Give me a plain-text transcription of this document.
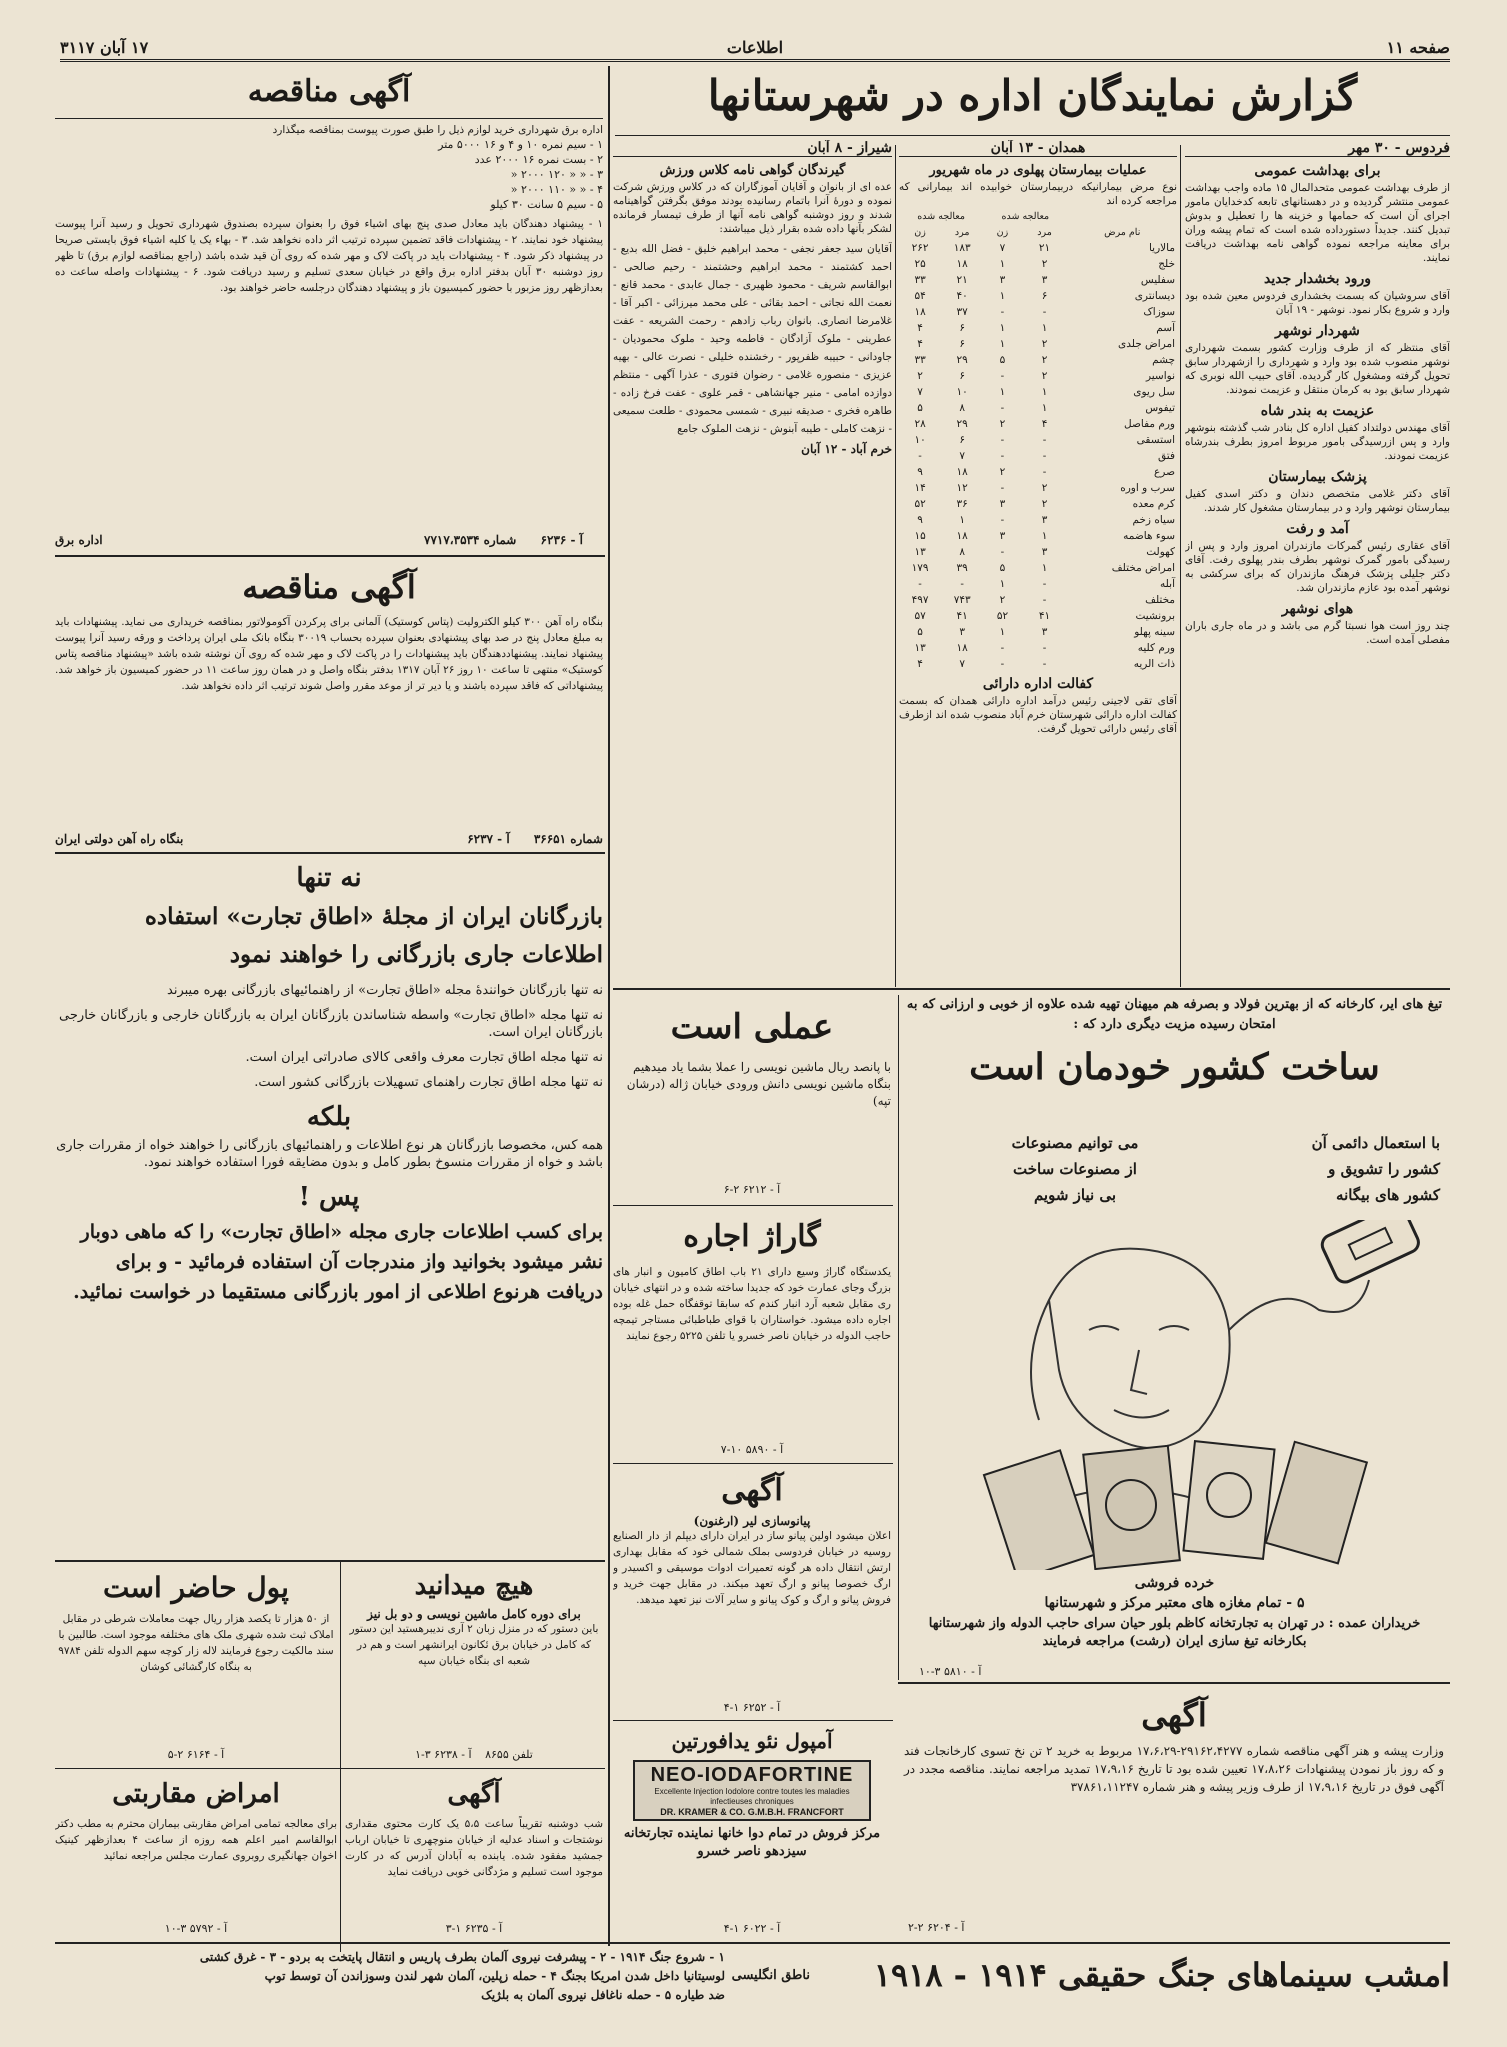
صفحه ۱۱
اطلاعات
۱۷ آبان ۳۱۱۷
گزارش نمایندگان اداره در شهرستانها
فردوس - ۳۰ مهر
برای بهداشت عمومی

از طرف بهداشت عمومی متحدالمال ۱۵ ماده واجب بهداشت عمومی منتشر گردیده و در دهستانهای تابعه کدخدایان مامور اجرای آن است که حمامها و خزینه ها را تعطیل و بدوش تبدیل کنند. جدیداً دستورداده شده است که تمام پیشه وران برای معاینه مراجعه نموده گواهی نامه بهداشت دریافت نمایند.

ورود بخشدار جدید

آقای سروشیان که بسمت بخشداری فردوس معین شده بود وارد و شروع بکار نمود. نوشهر - ۱۹ آبان

شهردار نوشهر

آقای منتظر که از طرف وزارت کشور بسمت شهرداری نوشهر منصوب شده بود وارد و شهرداری را ازشهردار سابق تحویل گرفته ومشغول کار گردیده. آقای حبیب الله نوبری که شهردار سابق بود به کرمان منتقل و عزیمت نمودند.

عزیمت به بندر شاه

آقای مهندس دولتداد کفیل اداره کل بنادر شب گذشته بنوشهر وارد و پس ازرسیدگی بامور مربوط امروز بطرف بندرشاه عزیمت نمودند.

پزشک بیمارستان

آقای دکتر غلامی متخصص دندان و دکتر اسدی کفیل بیمارستان نوشهر وارد و در بیمارستان مشغول کار شدند.

آمد و رفت

آقای عقاری رئیس گمرکات مازندران امروز وارد و پس از رسیدگی بامور گمرک نوشهر بطرف بندر پهلوی رفت. آقای دکتر جلیلی پزشک فرهنگ مازندران که برای سرکشی به نوشهر آمده بود عازم مازندران شد.

هوای نوشهر

چند روز است هوا نسبتا گرم می باشد و در ماه جاری باران مفصلی آمده است.

همدان - ۱۳ آبان
عملیات بیمارستان پهلوی در ماه شهریور

نوع مرض بیمارانیکه دربیمارستان خوابیده اند بیمارانی که مراجعه کرده اند

	معالجه شده		معالجه شده	
نام مرض	مرد	زن	مرد	زن
مالاریا	۲۱	۷	۱۸۳	۲۶۲
خلج	۲	۱	۱۸	۲۵
سفلیس	۳	۳	۲۱	۳۳
دیسانتری	۶	۱	۴۰	۵۴
سوزاک	-	-	۳۷	۱۸
آسم	۱	۱	۶	۴
امراض جلدی	۲	۱	۶	۴
چشم	۲	۵	۲۹	۳۳
نواسیر	۲	-	۶	۲
سل ریوی	۱	۱	۱۰	۷
تیفوس	۱	-	۸	۵
ورم مفاصل	۴	۲	۲۹	۲۸
استسقی	-	-	۶	۱۰
فتق	-	-	۷	-
صرع	-	۲	۱۸	۹
سرب و اوره	۲	-	۱۲	۱۴
کرم معده	۲	۳	۳۶	۵۲
سیاه زخم	۳	-	۱	۹
سوء هاضمه	۱	۳	۱۸	۱۵
کهولت	۳	-	۸	۱۳
امراض مختلف	۱	۵	۳۹	۱۷۹
آبله	-	۱	-	-
مختلف	-	۲	۷۴۳	۴۹۷
برونشیت	۴۱	۵۲	۴۱	۵۷
سینه پهلو	۳	۱	۳	۵
ورم کلیه	-	-	۱۸	۱۳
ذات الریه	-	-	۷	۴
کفالت اداره دارائی

آقای تقی لاجینی رئیس درآمد اداره دارائی همدان که بسمت کفالت اداره دارائی شهرستان خرم آباد منصوب شده اند ازطرف آقای رئیس دارائی تحویل گرفت.

شیراز - ۸ آبان
گیرندگان گواهی نامه کلاس ورزش

عده ای از بانوان و آقایان آموزگاران که در کلاس ورزش شرکت نموده و دورهٔ آنرا باتمام رسانیده بودند موفق بگرفتن گواهینامه شدند و روز دوشنبه گواهی نامه آنها از طرف تیمسار فرمانده لشکر بآنها داده شده بقرار ذیل میباشند:

آقایان سید جعفر نجفی - محمد ابراهیم خلیق - فضل الله بدیع - احمد کشتمند - محمد ابراهیم وحشتمند - رحیم صالحی - ابوالقاسم شریف - محمود ظهیری - جمال عابدی - محمد قانع - نعمت الله نجاتی - احمد بقائی - علی محمد میرزائی - اکبر آقا - غلامرضا انصاری. بانوان رباب زادهم - رحمت الشریعه - عفت عطرینی - ملوک آزادگان - فاطمه وحید - ملوک محمودیان - جاودانی - حبیبه ظفرپور - رخشنده خلیلی - نصرت عالی - بهیه عزیزی - منصوره غلامی - رضوان فتوری - عذرا آگهی - منتظم دوازده امامی - منیر جهانشاهی - قمر علوی - عفت فرخ زاده - طاهره فخری - صدیقه نبیری - شمسی محمودی - طلعت سمیعی - نزهت کاملی - طیبه آبنوش - نزهت الملوک جامع

خرم آباد - ۱۲ آبان
آگهی مناقصه

اداره برق شهرداری خرید لوازم ذیل را طبق صورت پیوست بمناقصه میگذارد

۱ - سیم نمره ۱۰ و ۴ و ۱۶ ۵۰۰۰ متر
۲ - بست نمره ۱۶ ۲۰۰۰ عدد
۳ - « « ۱۲۰ ۲۰۰۰ «
۴ - « « ۱۱۰ ۲۰۰۰ «
۵ - سیم ۵ سانت ۳۰ کیلو

۱ - پیشنهاد دهندگان باید معادل صدی پنج بهای اشیاء فوق را بعنوان سپرده بصندوق شهرداری تحویل و رسید آنرا پیوست پیشنهاد خود نمایند. ۲ - پیشنهادات فاقد تضمین سپرده ترتیب اثر داده نخواهد شد. ۳ - بهاء یک یا کلیه اشیاء فوق بایستی صریحا در پیشنهاد ذکر شود. ۴ - پیشنهادات باید در پاکت لاک و مهر شده که روی آن قید شده باشد (راجع بمناقصه لوازم برق) تا ظهر روز دوشنبه ۳۰ آبان بدفتر اداره برق واقع در خیابان سعدی تسلیم و رسید دریافت شود. ۶ - پیشنهادات واصله ساعت ده بعدازظهر روز مزبور با حضور کمیسیون باز و پیشنهاد دهندگان درجلسه حاضر خواهند بود.

اداره برق	آ - ۶۲۳۶ شماره ۷۷۱۷،۳۵۳۴
آگهی مناقصه

بنگاه راه آهن ۳۰۰ کیلو الکترولیت (پتاس کوستیک) آلمانی برای پرکردن آکومولاتور بمناقصه خریداری می نماید. پیشنهادات باید به مبلغ معادل پنج در صد بهای پیشنهادی بعنوان سپرده بحساب ۳۰۰۱۹ بنگاه بانک ملی ایران پرداخت و ورقه رسید آنرا پیوست پیشنهاد نمایند. پیشنهاددهندگان باید پیشنهادات را در پاکت لاک و مهر شده که روی آن نوشته شده باشد «پیشنهاد مناقصه پتاس کوستیک» منتهی تا ساعت ۱۰ روز ۲۶ آبان ۱۳۱۷ بدفتر بنگاه واصل و در همان روز ساعت ۱۱ در حضور کمیسیون باز خواهد شد. پیشنهاداتی که فاقد سپرده باشند و یا دیر تر از موعد مقرر واصل شوند ترتیب اثر داده نخواهد شد.

بنگاه راه آهن دولتی ایران	شماره ۳۶۶۵۱ آ - ۶۲۳۷
نه تنها
بازرگانان ایران از مجلهٔ «اطاق تجارت» استفاده
اطلاعات جاری بازرگانی را خواهند نمود

نه تنها بازرگانان خوانندهٔ مجله «اطاق تجارت» از راهنمائیهای بازرگانی بهره میبرند

نه تنها مجله «اطاق تجارت» واسطه شناساندن بازرگانان ایران به بازرگانان خارجی و بازرگانان خارجی بازرگانان ایران است.

نه تنها مجله اطاق تجارت معرف واقعی کالای صادراتی ایران است.

نه تنها مجله اطاق تجارت راهنمای تسهیلات بازرگانی کشور است.

بلکه

همه کس، مخصوصا بازرگانان هر نوع اطلاعات و راهنمائیهای بازرگانی را خواهند خواه از مقررات جاری باشد و خواه از مقررات منسوخ بطور کامل و بدون مضایقه فورا استفاده خواهند نمود.

پس !

برای کسب اطلاعات جاری مجله «اطاق تجارت» را که ماهی دوبار نشر میشود بخوانید واز مندرجات آن استفاده فرمائید - و برای دریافت هرنوع اطلاعی از امور بازرگانی مستقیما در خواست نمائید.

پول حاضر است

از ۵۰ هزار تا یکصد هزار ریال جهت معاملات شرطی در مقابل املاک ثبت شده شهری ملک های مختلفه موجود است. طالبین با سند مالکیت رجوع فرمایند لاله زار کوچه سهم الدوله تلفن ۹۷۸۴ به بنگاه کارگشائی کوشان

آ - ۶۱۶۴ ۲-۵
هیچ میدانید
برای دوره کامل ماشین نویسی و دو بل نیز

باین دستور که در منزل زبان ۲ آری ندیبرهستید این دستور که کامل در خیابان برق ئکانون ایرانشهر است و هم در شعبه ای بنگاه خیابان سپه

تلفن ۸۶۵۵ آ - ۶۲۳۸ ۳-۱
امراض مقاربتی

برای معالجه تمامی امراض مقاربتی بیماران محترم به مطب دکتر ابوالقاسم امیر اعلم همه روزه از ساعت ۴ بعدازظهر کینیک اخوان جهانگیری روبروی عمارت مجلس مراجعه نمائید

آ - ۵۷۹۲ ۳-۱۰
آگهی

شب دوشنبه تقریباً ساعت ۵،۵ یک کارت محتوی مقداری نوشتجات و اسناد عدلیه از خیابان منوچهری تا خیابان ارباب جمشید مفقود شده. یابنده به آبادان آدرس که در کارت موجود است تسلیم و مژدگانی خوبی دریافت نماید

آ - ۶۲۳۵ ۱-۳
عملی است

با پانصد ریال ماشین نویسی را عملا بشما یاد میدهیم بنگاه ماشین نویسی دانش ورودی خیابان ژاله (درشان تپه)

آ - ۶۲۱۲ ۲-۶
گاراژ اجاره

یکدستگاه گاراژ وسیع دارای ۲۱ باب اطاق کامیون و انبار های بزرگ وجای عمارت خود که جدیدا ساخته شده و در انتهای خیابان ری مقابل شعبه آرد انبار کندم که سابقا توقفگاه حمل غله بوده اجاره داده میشود. خواستاران با قوای طباطبائی مستاجر تیمچه حاجب الدوله در خیابان ناصر خسرو یا تلفن ۵۲۲۵ رجوع نمایند

آ - ۵۸۹۰ ۱۰-۷
آگهی
پیانوسازی لیر (ارغنون)

اعلان میشود اولین پیانو ساز در ایران دارای دیپلم از دار الصنایع روسیه در خیابان فردوسی بملک شمالی خود که مقابل بهداری ارتش انتقال داده هر گونه تعمیرات ادوات موسیقی و اکسیدر و ارگ خصوصا پیانو و ارگ تعهد میکند. در مقابل جهت خرید و فروش پیانو و ارگ و کوک پیانو و سایر آلات نیز تعهد میدهد.

آ - ۶۲۵۲ ۱-۴
آمپول نئو یدافورتین
NEO-IODAFORTINE
Excellente Injection Iodolore contre toutes les maladies infectieuses chroniques
DR. KRAMER & CO. G.M.B.H. FRANCFORT

مرکز فروش در تمام دوا خانها نماینده تجارتخانه سیزدهو ناصر خسرو

آ - ۶۰۲۲ ۱-۴

تیغ های ایر، کارخانه که از بهترین فولاد و بصرفه هم میهنان تهیه شده علاوه از خوبی و ارزانی که به امتحان رسیده مزیت دیگری دارد که :

ساخت کشور خودمان است
با استعمال دائمی آن
کشور را تشویق و
کشور های بیگانه
می توانیم مصنوعات
از مصنوعات ساخت
بی نیاز شویم
خرده فروشی
۵ - تمام مغازه های معتبر مرکز و شهرستانها

خریداران عمده : در تهران به تجارتخانه کاظم بلور حیان سرای حاجب الدوله واز شهرستانها بکارخانه تیغ سازی ایران (رشت) مراجعه فرمایند

آ - ۵۸۱۰ ۳-۱۰
آگهی

وزارت پیشه و هنر آگهی مناقصه شماره ۲۹۱۶۲،۴۲۷۷-۱۷،۶،۲۹ مربوط به خرید ۲ تن نخ تسوی کارخانجات فند و که روز باز نمودن پیشنهادات ۱۷،۸،۲۶ تعیین شده بود تا تاریخ ۱۷،۹،۱۶ تمدید مراجعه نمایند. مناقصه مجدد در آگهی فوق در تاریخ ۱۷،۹،۱۶ از طرف وزیر پیشه و هنر شماره ۳۷۸۶۱،۱۱۲۴۷

آ - ۶۲۰۴ ۲-۲
امشب سینماهای جنگ حقیقی ۱۹۱۴ - ۱۹۱۸
ناطق انگلیسی
۱ - شروع جنگ ۱۹۱۴ - ۲ - پیشرفت نیروی آلمان بطرف پاریس و انتقال پایتخت به بردو - ۳ - غرق کشتی
لوسیتانیا داخل شدن امریکا بجنگ ۴ - حمله زپلین، آلمان شهر لندن وسوزاندن آن توسط توپ
ضد طیاره ۵ - حمله ناغافل نیروی آلمان به بلژیک
